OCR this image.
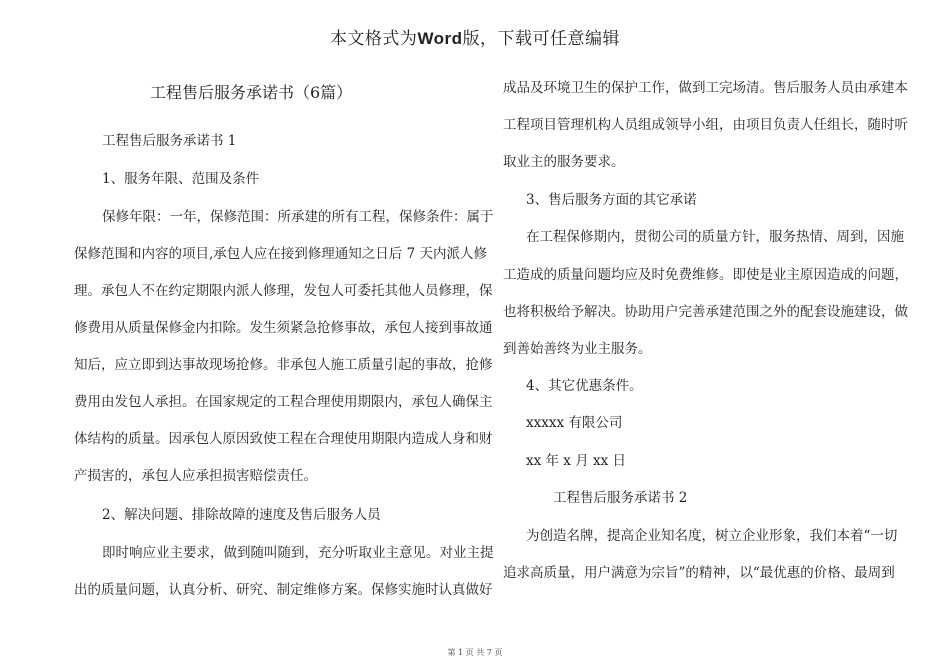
本文格式为Word版，下载可任意编辑
工程售后服务承诺书（6篇）
工程售后服务承诺书 1
1、服务年限、范围及条件
保修年限：一年，保修范围：所承建的所有工程，保修条件：属于
保修范围和内容的项目,承包人应在接到修理通知之日后 7 天内派人修
理。承包人不在约定期限内派人修理，发包人可委托其他人员修理，保
修费用从质量保修金内扣除。发生须紧急抢修事故，承包人接到事故通
知后，应立即到达事故现场抢修。非承包人施工质量引起的事故，抢修
费用由发包人承担。在国家规定的工程合理使用期限内，承包人确保主
体结构的质量。因承包人原因致使工程在合理使用期限内造成人身和财
产损害的，承包人应承担损害赔偿责任。
2、解决问题、排除故障的速度及售后服务人员
即时响应业主要求，做到随叫随到，充分听取业主意见。对业主提
出的质量问题，认真分析、研究、制定维修方案。保修实施时认真做好
成品及环境卫生的保护工作，做到工完场清。售后服务人员由承建本
工程项目管理机构人员组成领导小组，由项目负责人任组长，随时听
取业主的服务要求。
3、售后服务方面的其它承诺
在工程保修期内，贯彻公司的质量方针，服务热情、周到，因施
工造成的质量问题均应及时免费维修。即使是业主原因造成的问题，
也将积极给予解决。协助用户完善承建范围之外的配套设施建设，做
到善始善终为业主服务。
4、其它优惠条件。
xxxxx 有限公司
xx 年 x 月 xx 日
工程售后服务承诺书 2
为创造名牌，提高企业知名度，树立企业形象，我们本着“一切
追求高质量，用户满意为宗旨”的精神，以“最优惠的价格、最周到
第 1 页 共 7 页
